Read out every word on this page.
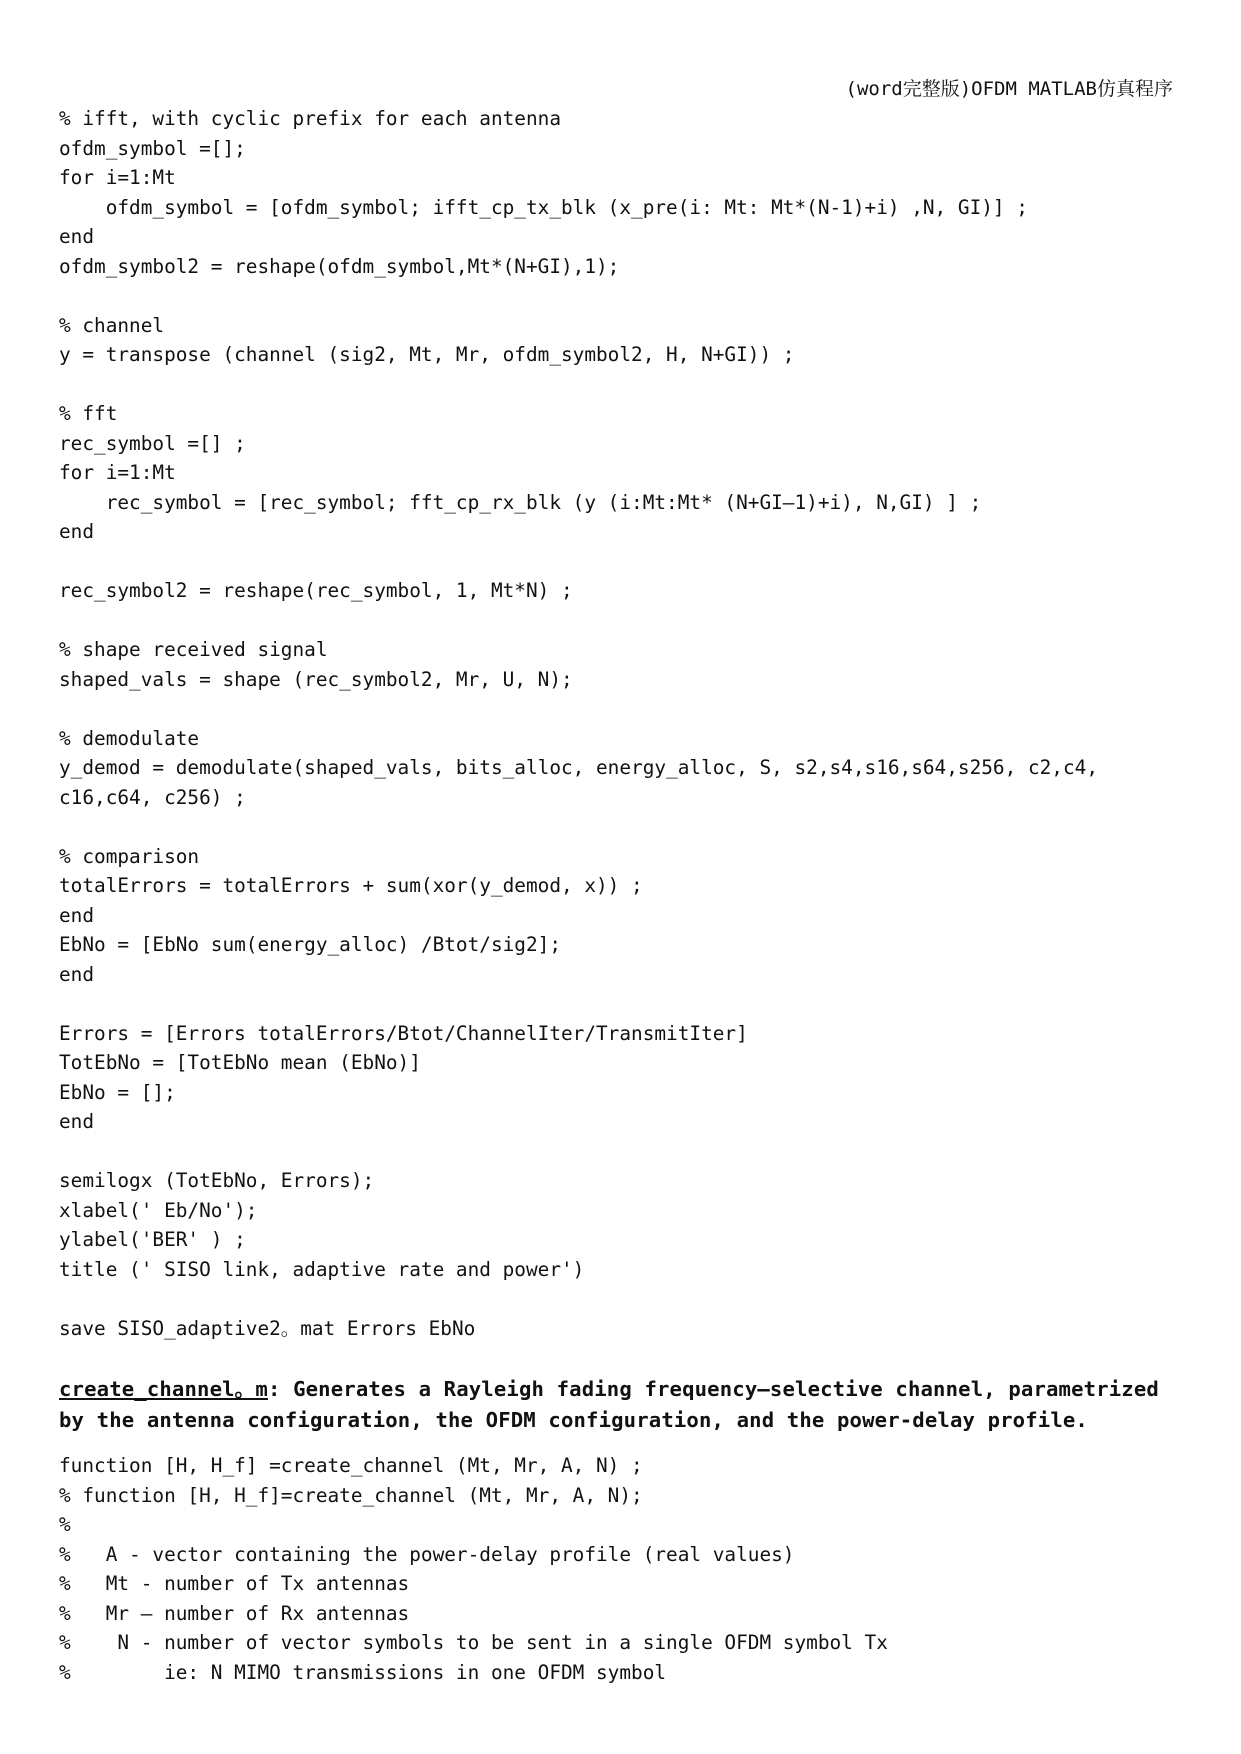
(word完整版)OFDM MATLAB仿真程序
% ifft, with cyclic prefix for each antenna
ofdm_symbol =[];
for i=1:Mt
ofdm_symbol = [ofdm_symbol; ifft_cp_tx_blk (x_pre(i: Mt: Mt*(N-1)+i) ,N, GI)] ;
end
ofdm_symbol2 = reshape(ofdm_symbol,Mt*(N+GI),1);
% channel
y = transpose (channel (sig2, Mt, Mr, ofdm_symbol2, H, N+GI)) ;
% fft
rec_symbol =[] ;
for i=1:Mt
rec_symbol = [rec_symbol; fft_cp_rx_blk (y (i:Mt:Mt* (N+GI—1)+i), N,GI) ] ;
end
rec_symbol2 = reshape(rec_symbol, 1, Mt*N) ;
% shape received signal
shaped_vals = shape (rec_symbol2, Mr, U, N);
% demodulate
y_demod = demodulate(shaped_vals, bits_alloc, energy_alloc, S, s2,s4,s16,s64,s256, c2,c4,
c16,c64, c256) ;
% comparison
totalErrors = totalErrors + sum(xor(y_demod, x)) ;
end
EbNo = [EbNo sum(energy_alloc) /Btot/sig2];
end
Errors = [Errors totalErrors/Btot/ChannelIter/TransmitIter]
TotEbNo = [TotEbNo mean (EbNo)]
EbNo = [];
end
semilogx (TotEbNo, Errors);
xlabel(' Eb/No');
ylabel('BER' ) ;
title (' SISO link, adaptive rate and power')
save SISO_adaptive2。mat Errors EbNo

create_channel。m: Generates a Rayleigh fading frequency—selective channel, parametrized by the antenna configuration, the OFDM configuration, and the power-delay profile.

function [H, H_f] =create_channel (Mt, Mr, A, N) ;
% function [H, H_f]=create_channel (Mt, Mr, A, N);
%
%   A - vector containing the power-delay profile (real values)
%   Mt - number of Tx antennas
%   Mr — number of Rx antennas
%    N - number of vector symbols to be sent in a single OFDM symbol Tx
%        ie: N MIMO transmissions in one OFDM symbol
